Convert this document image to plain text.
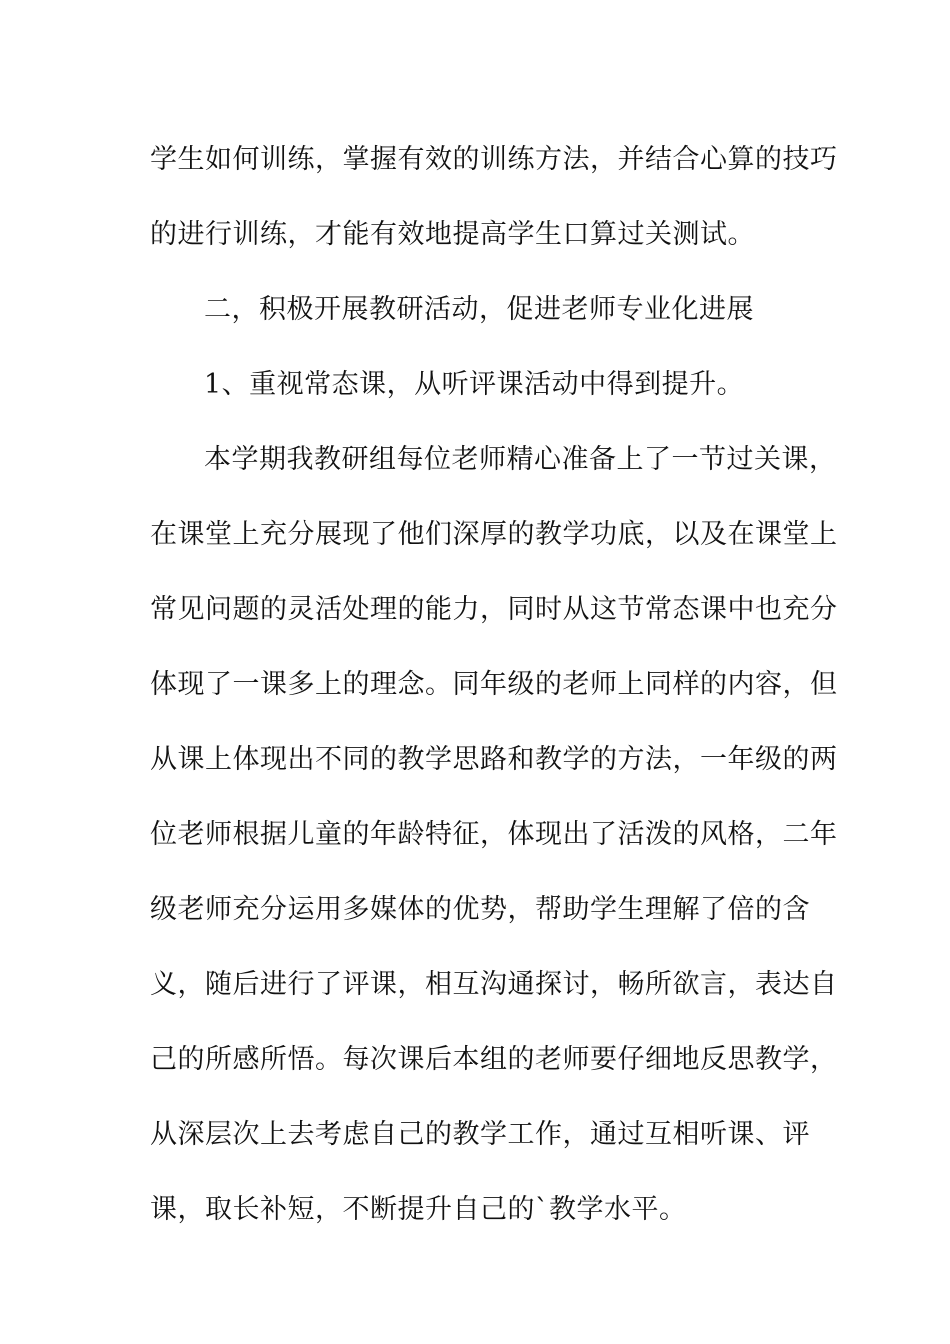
学生如何训练，掌握有效的训练方法，并结合心算的技巧
的进行训练，才能有效地提高学生口算过关测试。
二，积极开展教研活动，促进老师专业化进展
1、重视常态课，从听评课活动中得到提升。
本学期我教研组每位老师精心准备上了一节过关课，
在课堂上充分展现了他们深厚的教学功底，以及在课堂上
常见问题的灵活处理的能力，同时从这节常态课中也充分
体现了一课多上的理念。同年级的老师上同样的内容，但
从课上体现出不同的教学思路和教学的方法，一年级的两
位老师根据儿童的年龄特征，体现出了活泼的风格，二年
级老师充分运用多媒体的优势，帮助学生理解了倍的含
义，随后进行了评课，相互沟通探讨，畅所欲言，表达自
己的所感所悟。每次课后本组的老师要仔细地反思教学，
从深层次上去考虑自己的教学工作，通过互相听课、评
课，取长补短，不断提升自己的`教学水平。
